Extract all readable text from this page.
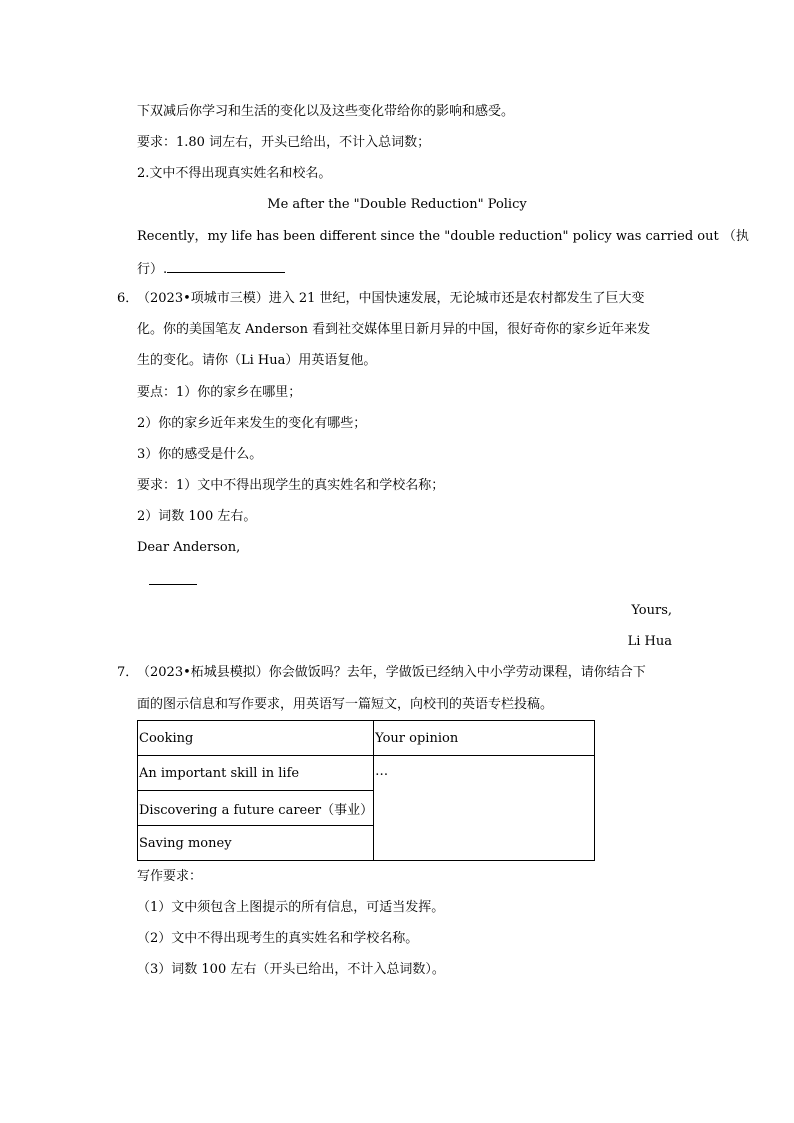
下双减后你学习和生活的变化以及这些变化带给你的影响和感受。
要求：1.80 词左右，开头已给出，不计入总词数；
2.文中不得出现真实姓名和校名。
Me after the "Double Reduction" Policy
Recently，my life has been different since the "double reduction" policy was carried out （执
行）.
6．
（2023•项城市三模）进入 21 世纪，中国快速发展，无论城市还是农村都发生了巨大变
化。你的美国笔友 Anderson 看到社交媒体里日新月异的中国，很好奇你的家乡近年来发
生的变化。请你（Li Hua）用英语复他。
要点：1）你的家乡在哪里；
2）你的家乡近年来发生的变化有哪些；
3）你的感受是什么。
要求：1）文中不得出现学生的真实姓名和学校名称；
2）词数 100 左右。
Dear Anderson,
Yours,
Li Hua
7．
（2023•柘城县模拟）你会做饭吗？去年，学做饭已经纳入中小学劳动课程，请你结合下
面的图示信息和写作要求，用英语写一篇短文，向校刊的英语专栏投稿。
Cooking	Your opinion
An important skill in life	…
Discovering a future career（事业）	
Saving money	
写作要求：
（1）文中须包含上图提示的所有信息，可适当发挥。
（2）文中不得出现考生的真实姓名和学校名称。
（3）词数 100 左右（开头已给出，不计入总词数）。
